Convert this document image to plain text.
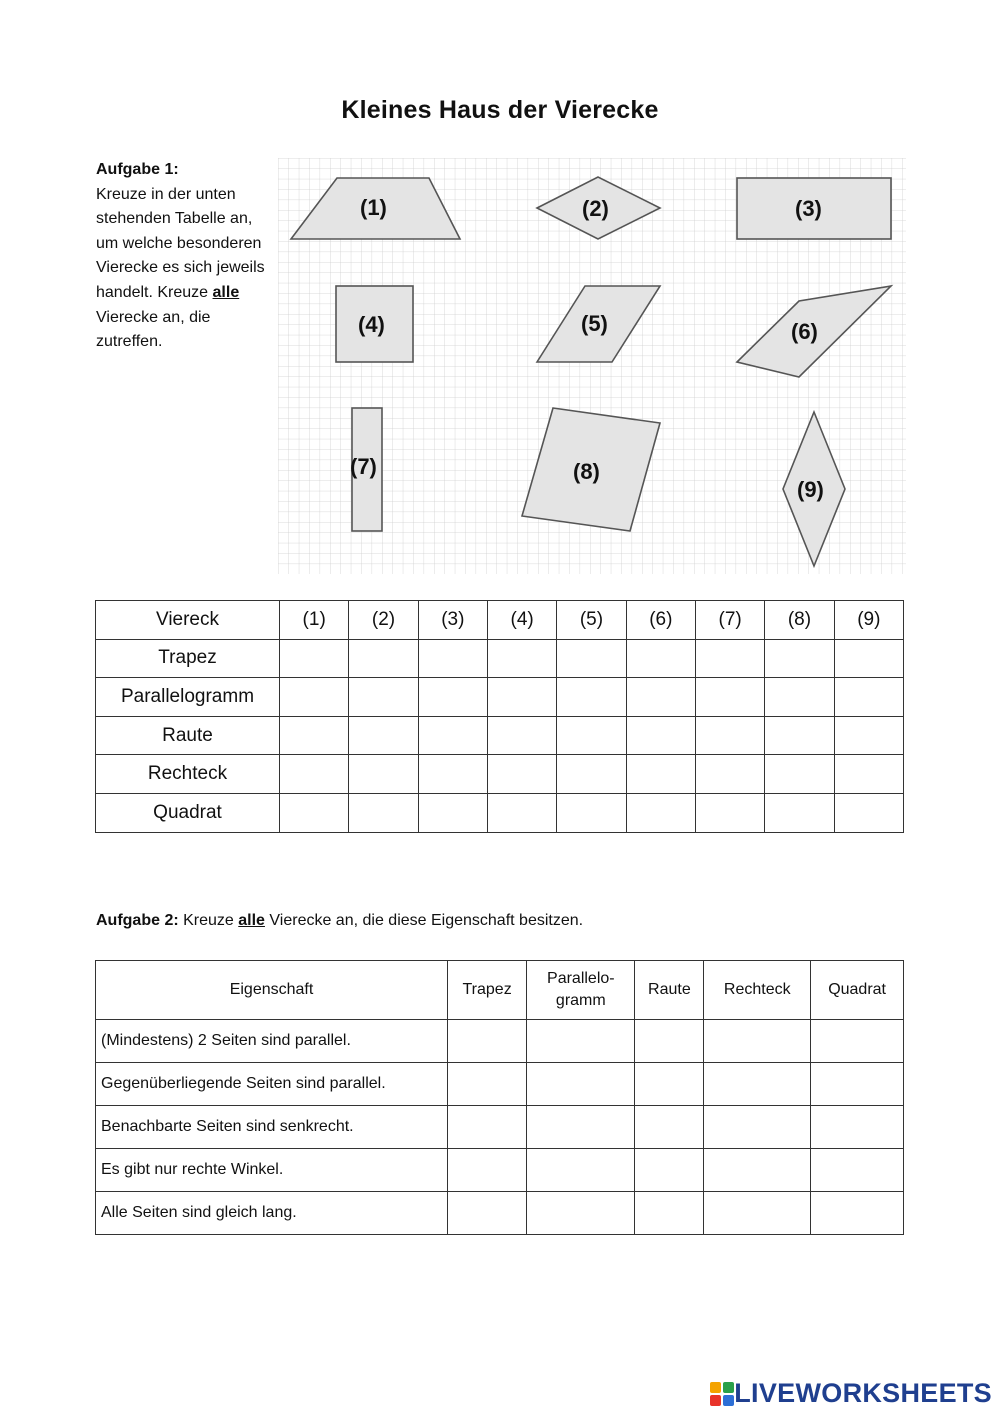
Kleines Haus der Vierecke
Aufgabe 1:
Kreuze in der unten stehenden Tabelle an, um welche besonderen Vierecke es sich jeweils handelt. Kreuze alle Vierecke an, die zutreffen.
(1)	(2)	(3)
(4)	(5)	(6)
(7)	(8)
(9)
Viereck	(1)	(2)	(3)	(4)	(5)	(6)	(7)	(8)	(9)
Trapez									
Parallelogramm									
Raute									
Rechteck									
Quadrat									
Aufgabe 2: Kreuze alle Vierecke an, die diese Eigenschaft besitzen.
Eigenschaft	Trapez	Parallelo-
gramm	Raute	Rechteck	Quadrat
(Mindestens) 2 Seiten sind parallel.					
Gegenüberliegende Seiten sind parallel.					
Benachbarte Seiten sind senkrecht.					
Es gibt nur rechte Winkel.					
Alle Seiten sind gleich lang.					
LIVEWORKSHEETS
